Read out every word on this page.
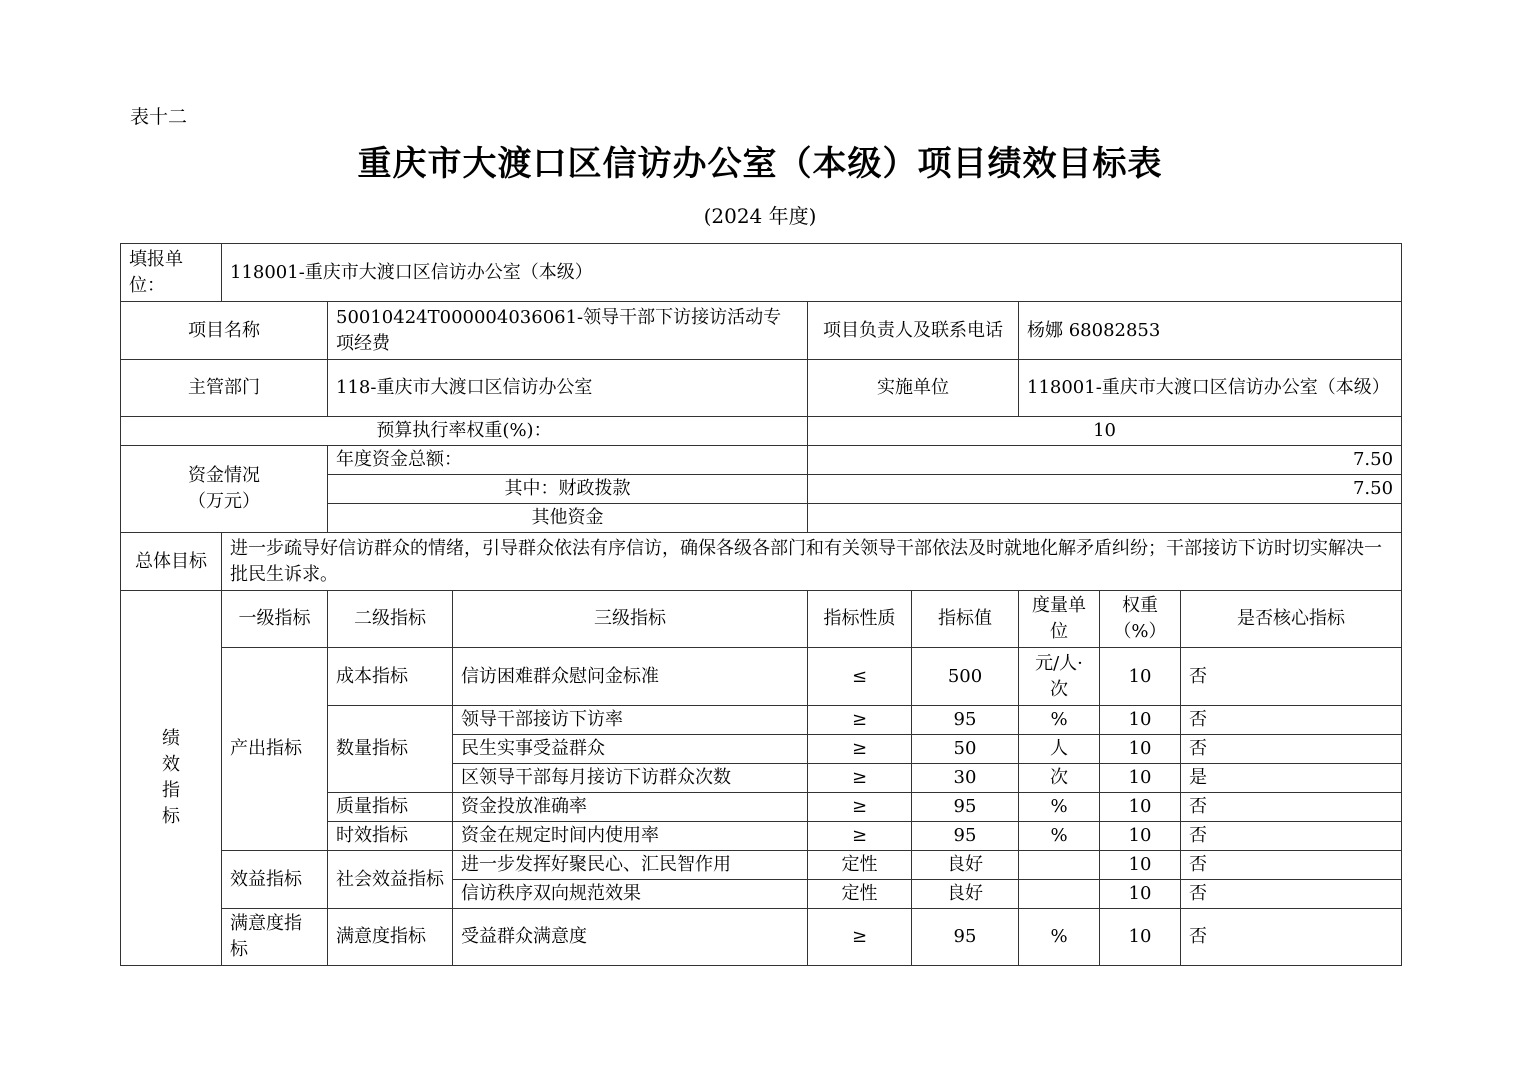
表十二
重庆市大渡口区信访办公室（本级）项目绩效目标表
(2024 年度)
填报单位：	118001-重庆市大渡口区信访办公室（本级）							
项目名称		50010424T000004036061-领导干部下访接访活动专项经费		项目负责人及联系电话		杨娜 68082853		
主管部门		118-重庆市大渡口区信访办公室		实施单位		118001-重庆市大渡口区信访办公室（本级）		
预算执行率权重(%)：				10				

资金情况
（万元）		年度资金总额：		7.50				
		其中：财政拨款		7.50				
		其他资金						
总体目标	进一步疏导好信访群众的情绪，引导群众依法有序信访，确保各级各部门和有关领导干部依法及时就地化解矛盾纠纷；干部接访下访时切实解决一批民生诉求。							

绩效指标	一级指标	二级指标	三级指标	指标性质	指标值	度量单位	权重（%）	是否核心指标
	产出指标	成本指标	信访困难群众慰问金标准	≤	500	元/人·次	10	否
		数量指标	领导干部接访下访率	≥	95	%	10	否
			民生实事受益群众	≥	50	人	10	否
			区领导干部每月接访下访群众次数	≥	30	次	10	是
		质量指标	资金投放准确率	≥	95	%	10	否
		时效指标	资金在规定时间内使用率	≥	95	%	10	否
	效益指标	社会效益指标	进一步发挥好聚民心、汇民智作用	定性	良好		10	否
			信访秩序双向规范效果	定性	良好		10	否
	满意度指标	满意度指标	受益群众满意度	≥	95	%	10	否
